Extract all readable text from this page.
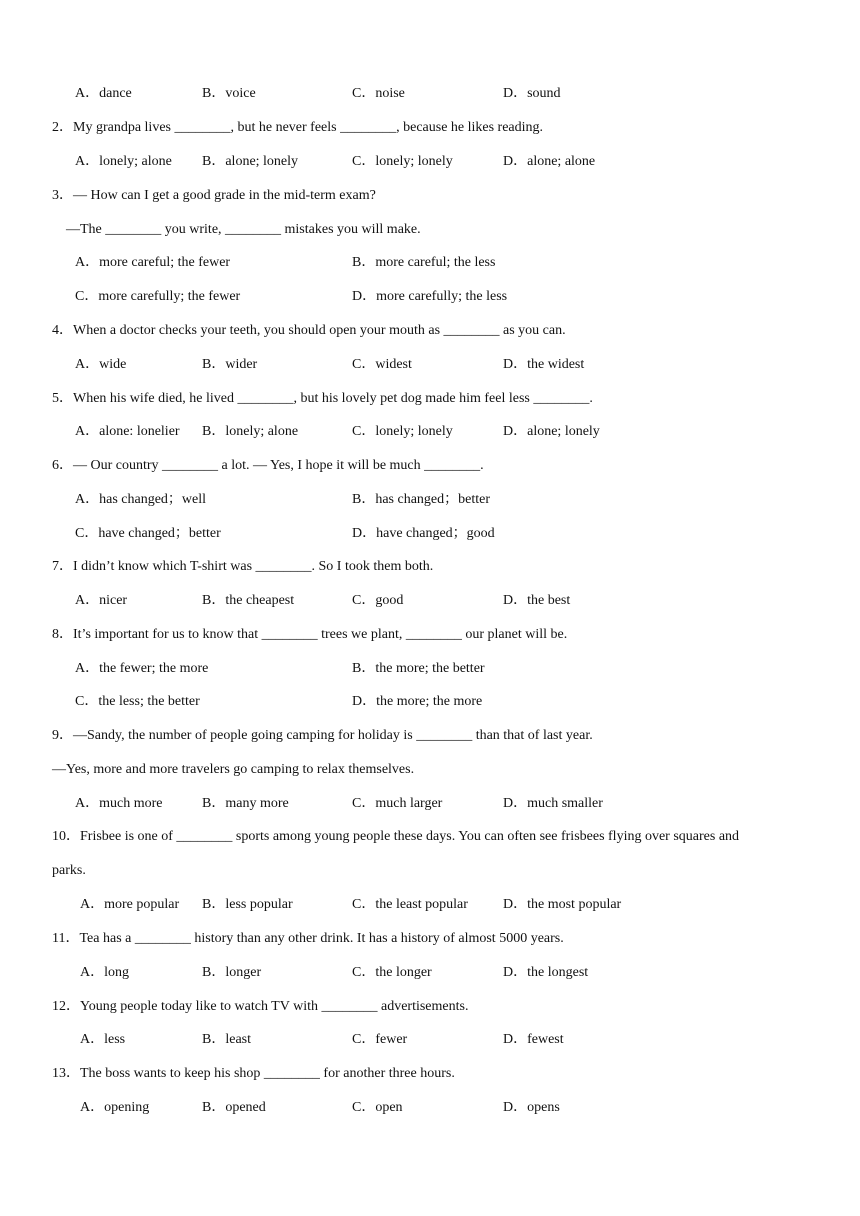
A．dance	B．voice	C．noise	D．sound
2．My grandpa lives ________, but he never feels ________, because he likes reading.
A．lonely; alone B．alone; lonely	C．lonely; lonely	D．alone; alone
3．— How can I get a good grade in the mid-term exam?
—The ________ you write, ________ mistakes you will make.
A．more careful; the fewer	B．more careful; the less
C．more carefully; the fewer	D．more carefully; the less
4．When a doctor checks your teeth, you should open your mouth as ________ as you can.
A．wide	B．wider	C．widest	D．the widest
5．When his wife died, he lived ________, but his lovely pet dog made him feel less ________.
A．alone: lonelier B．lonely; alone	C．lonely; lonely	D．alone; lonely
6．— Our country ________ a lot. — Yes, I hope it will be much ________.
A．has changed；well	B．has changed；better
C．have changed；better	D．have changed；good
7．I didn’t know which T-shirt was ________. So I took them both.
A．nicer	B．the cheapest	C．good	D．the best
8．It’s important for us to know that ________ trees we plant, ________ our planet will be.
A．the fewer; the more	B．the more; the better
C．the less; the better	D．the more; the more
9．—Sandy, the number of people going camping for holiday is ________ than that of last year.
—Yes, more and more travelers go camping to relax themselves.
A．much more	B．many more	C．much larger	D．much smaller
10．Frisbee is one of ________ sports among young people these days. You can often see frisbees flying over squares and
parks.
A．more popular B．less popular	C．the least popular	D．the most popular
11．Tea has a ________ history than any other drink. It has a history of almost 5000 years.
A．long	B．longer	C．the longer	D．the longest
12．Young people today like to watch TV with ________ advertisements.
A．less	B．least	C．fewer	D．fewest
13．The boss wants to keep his shop ________ for another three hours.
A．opening	B．opened	C．open	D．opens
